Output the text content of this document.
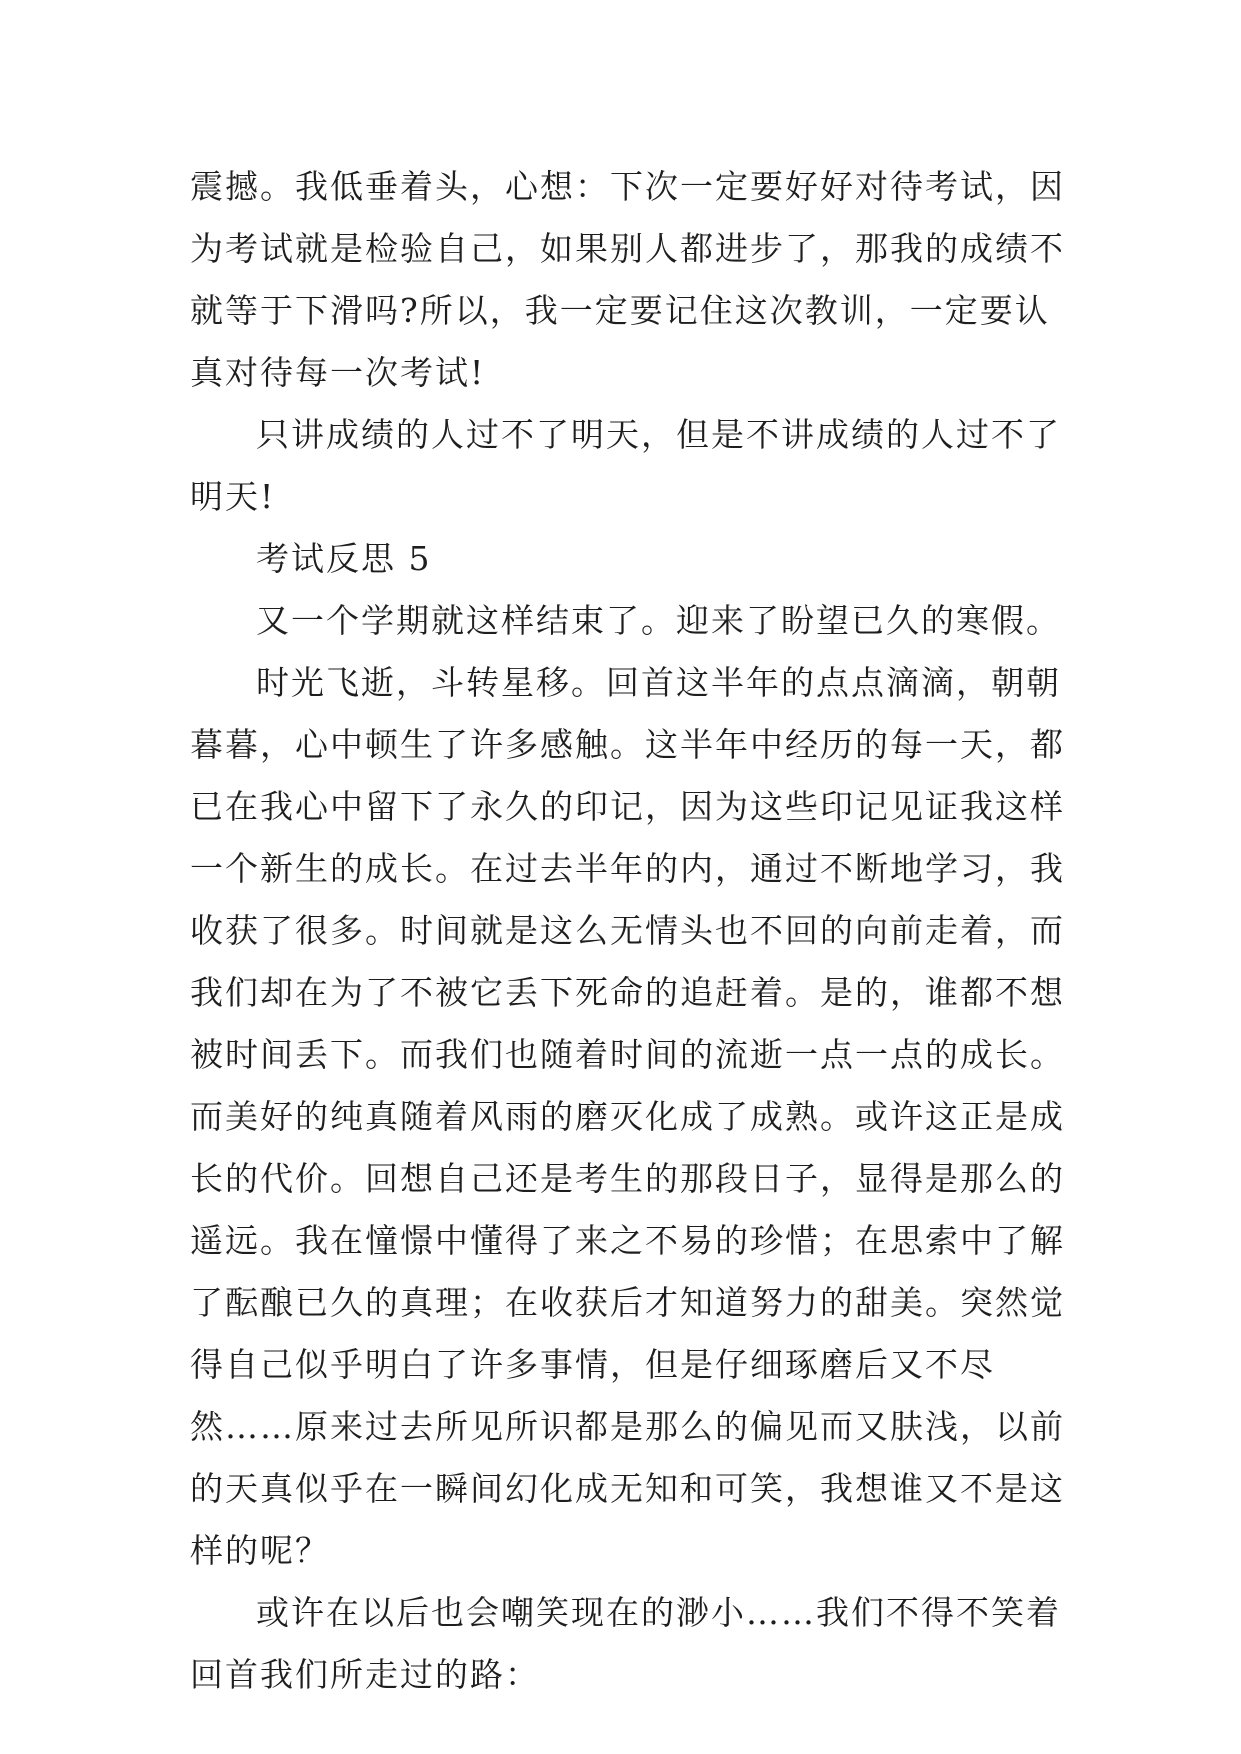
震撼。我低垂着头，心想：下次一定要好好对待考试，因为考试就是检验自己，如果别人都进步了，那我的成绩不就等于下滑吗?所以，我一定要记住这次教训，一定要认真对待每一次考试!

只讲成绩的人过不了明天，但是不讲成绩的人过不了明天!

考试反思 5

又一个学期就这样结束了。迎来了盼望已久的寒假。

时光飞逝，斗转星移。回首这半年的点点滴滴，朝朝暮暮，心中顿生了许多感触。这半年中经历的每一天，都已在我心中留下了永久的印记，因为这些印记见证我这样一个新生的成长。在过去半年的内，通过不断地学习，我收获了很多。时间就是这么无情头也不回的向前走着，而我们却在为了不被它丢下死命的追赶着。是的，谁都不想被时间丢下。而我们也随着时间的流逝一点一点的成长。而美好的纯真随着风雨的磨灭化成了成熟。或许这正是成长的代价。回想自己还是考生的那段日子，显得是那么的遥远。我在憧憬中懂得了来之不易的珍惜；在思索中了解了酝酿已久的真理；在收获后才知道努力的甜美。突然觉得自己似乎明白了许多事情，但是仔细琢磨后又不尽然……原来过去所见所识都是那么的偏见而又肤浅，以前的天真似乎在一瞬间幻化成无知和可笑，我想谁又不是这样的呢？

或许在以后也会嘲笑现在的渺小……我们不得不笑着回首我们所走过的路：
